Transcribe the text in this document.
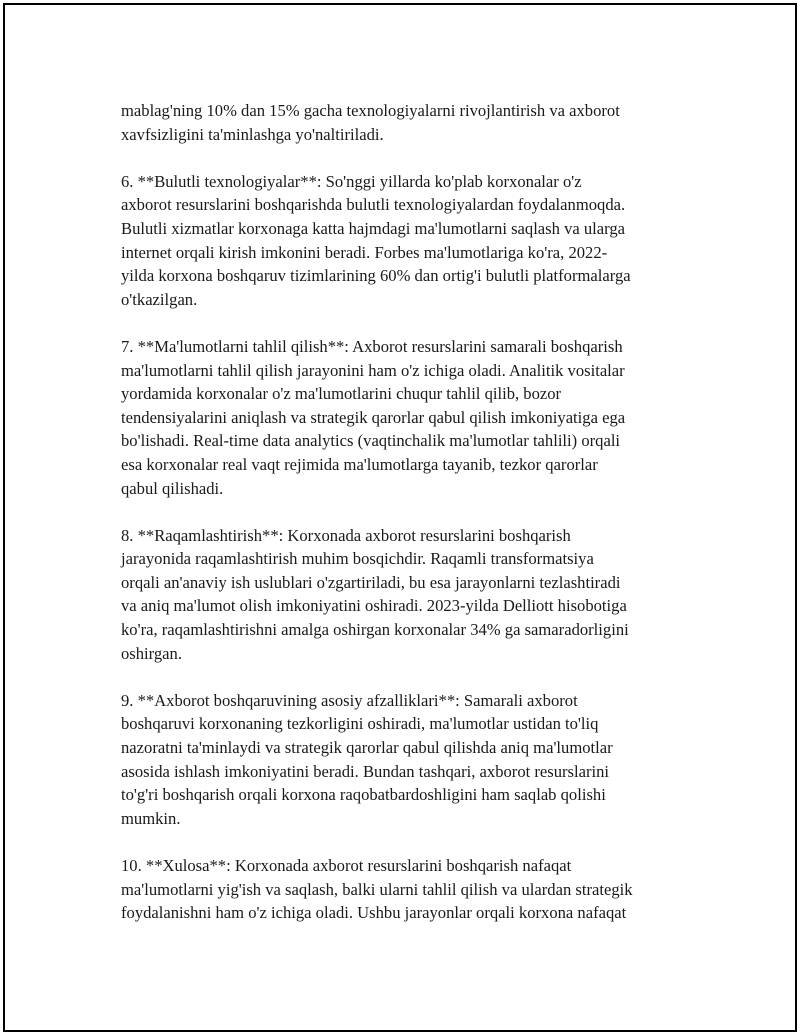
mablag'ning 10% dan 15% gacha texnologiyalarni rivojlantirish va axborot
xavfsizligini ta'minlashga yo'naltiriladi.

6. **Bulutli texnologiyalar**: So'nggi yillarda ko'plab korxonalar o'z
axborot resurslarini boshqarishda bulutli texnologiyalardan foydalanmoqda.
Bulutli xizmatlar korxonaga katta hajmdagi ma'lumotlarni saqlash va ularga
internet orqali kirish imkonini beradi. Forbes ma'lumotlariga ko'ra, 2022-
yilda korxona boshqaruv tizimlarining 60% dan ortig'i bulutli platformalarga
o'tkazilgan.

7. **Ma'lumotlarni tahlil qilish**: Axborot resurslarini samarali boshqarish
ma'lumotlarni tahlil qilish jarayonini ham o'z ichiga oladi. Analitik vositalar
yordamida korxonalar o'z ma'lumotlarini chuqur tahlil qilib, bozor
tendensiyalarini aniqlash va strategik qarorlar qabul qilish imkoniyatiga ega
bo'lishadi. Real-time data analytics (vaqtinchalik ma'lumotlar tahlili) orqali
esa korxonalar real vaqt rejimida ma'lumotlarga tayanib, tezkor qarorlar
qabul qilishadi.

8. **Raqamlashtirish**: Korxonada axborot resurslarini boshqarish
jarayonida raqamlashtirish muhim bosqichdir. Raqamli transformatsiya
orqali an'anaviy ish uslublari o'zgartiriladi, bu esa jarayonlarni tezlashtiradi
va aniq ma'lumot olish imkoniyatini oshiradi. 2023-yilda Delliott hisobotiga
ko'ra, raqamlashtirishni amalga oshirgan korxonalar 34% ga samaradorligini
oshirgan.

9. **Axborot boshqaruvining asosiy afzalliklari**: Samarali axborot
boshqaruvi korxonaning tezkorligini oshiradi, ma'lumotlar ustidan to'liq
nazoratni ta'minlaydi va strategik qarorlar qabul qilishda aniq ma'lumotlar
asosida ishlash imkoniyatini beradi. Bundan tashqari, axborot resurslarini
to'g'ri boshqarish orqali korxona raqobatbardoshligini ham saqlab qolishi
mumkin.

10. **Xulosa**: Korxonada axborot resurslarini boshqarish nafaqat
ma'lumotlarni yig'ish va saqlash, balki ularni tahlil qilish va ulardan strategik
foydalanishni ham o'z ichiga oladi. Ushbu jarayonlar orqali korxona nafaqat
